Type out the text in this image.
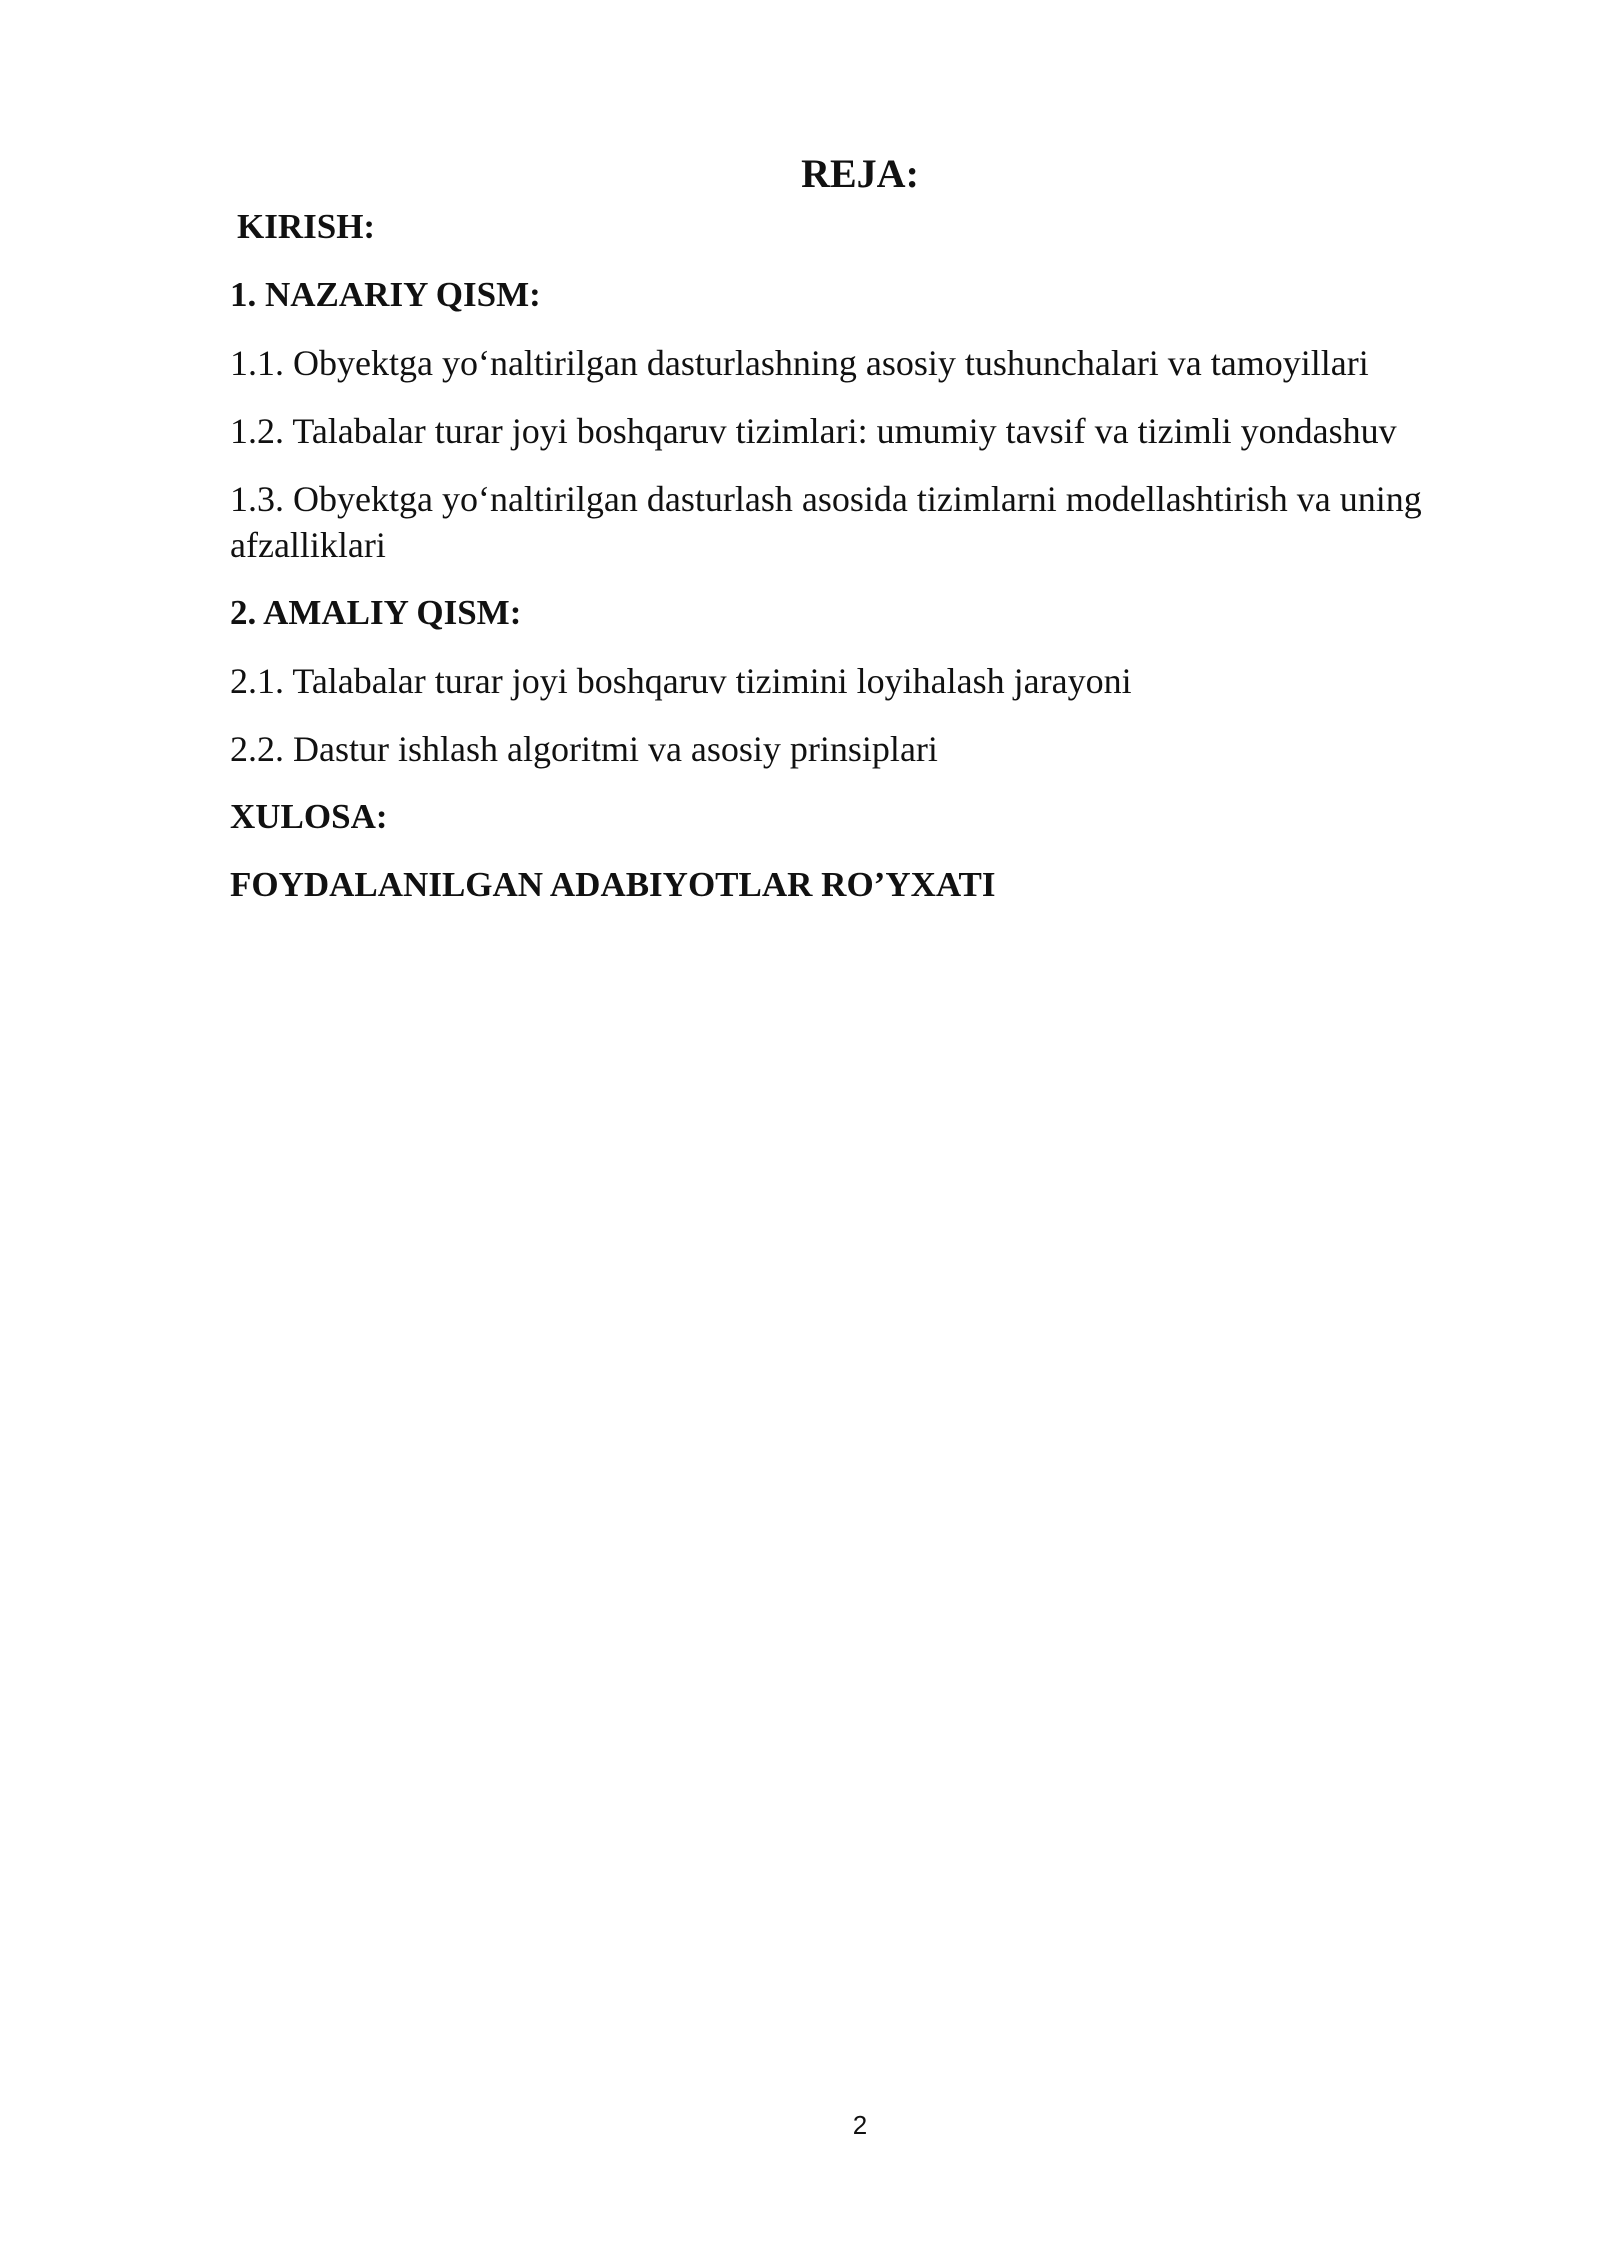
REJA:

KIRISH:

1. NAZARIY QISM:

1.1. Obyektga yo‘naltirilgan dasturlashning asosiy tushunchalari va tamoyillari

1.2. Talabalar turar joyi boshqaruv tizimlari: umumiy tavsif va tizimli yondashuv

1.3. Obyektga yo‘naltirilgan dasturlash asosida tizimlarni modellashtirish va uning afzalliklari

2. AMALIY QISM:

2.1. Talabalar turar joyi boshqaruv tizimini loyihalash jarayoni

2.2. Dastur ishlash algoritmi va asosiy prinsiplari

XULOSA:

FOYDALANILGAN ADABIYOTLAR RO’YXATI

2
